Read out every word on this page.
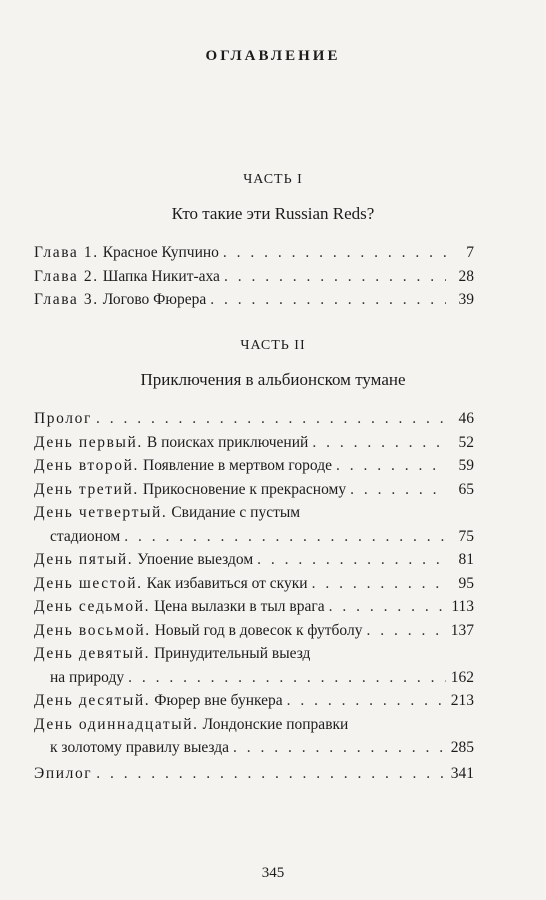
ОГЛАВЛЕНИЕ
ЧАСТЬ I
Кто такие эти Russian Reds?
Глава 1. Красное Купчино . . .	7
Глава 2. Шапка Никит-аха . . .	28
Глава 3. Логово Фюрера . . .	39
ЧАСТЬ II
Приключения в альбионском тумане
Пролог . . .	46
День первый. В поисках приключений . . .	52
День второй. Появление в мертвом городе . . .	59
День третий. Прикосновение к прекрасному . . .	65
День четвертый. Свидание с пустым
стадионом . . .	75
День пятый. Упоение выездом . . .	81
День шестой. Как избавиться от скуки . . .	95
День седьмой. Цена вылазки в тыл врага . . .	113
День восьмой. Новый год в довесок к футболу . . .	137
День девятый. Принудительный выезд
на природу . . .	162
День десятый. Фюрер вне бункера . . .	213
День одиннадцатый. Лондонские поправки
к золотому правилу выезда . . .	285
Эпилог . . .	341
345
